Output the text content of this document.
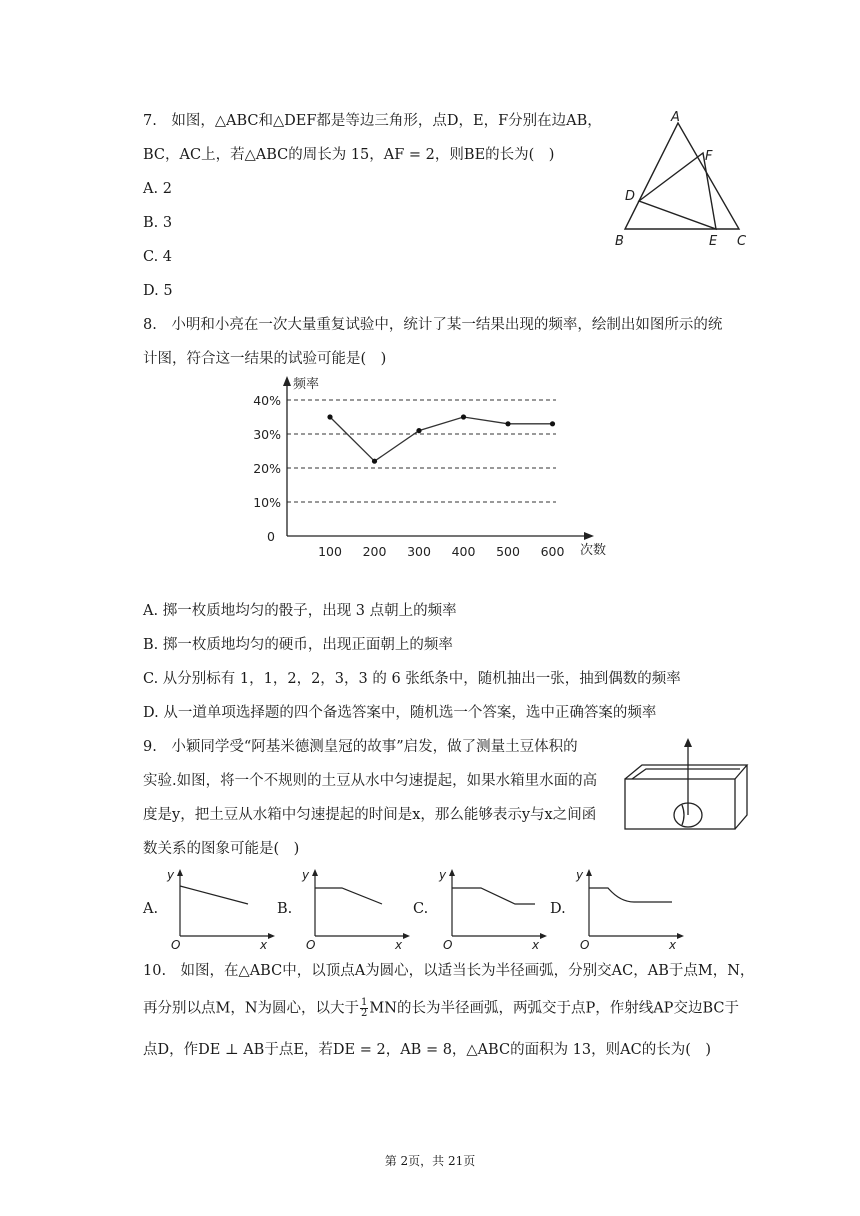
7.　如图，△ABC和△DEF都是等边三角形，点D，E，F分别在边AB，
BC，AC上，若△ABC的周长为 15，AF = 2，则BE的长为(　)
A. 2
B. 3
C. 4
D. 5
A
B	C
D
E
F
8.　小明和小亮在一次大量重复试验中，统计了某一结果出现的频率，绘制出如图所示的统
计图，符合这一结果的试验可能是(　)
频率
次数
0
10%
20%
30%
40%
100 200 300 400 500 600
A. 掷一枚质地均匀的骰子，出现 3 点朝上的频率
B. 掷一枚质地均匀的硬币，出现正面朝上的频率
C. 从分别标有 1，1，2，2，3，3 的 6 张纸条中，随机抽出一张，抽到偶数的频率
D. 从一道单项选择题的四个备选答案中，随机选一个答案，选中正确答案的频率
9.　小颖同学受“阿基米德测皇冠的故事”启发，做了测量土豆体积的
实验.如图，将一个不规则的土豆从水中匀速提起，如果水箱里水面的高
度是y，把土豆从水箱中匀速提起的时间是x，那么能够表示y与x之间函
数关系的图象可能是(　)
A.
y
O	x
B.
y
O	x
C.
y
O	x
D.
y
O	x
10.　如图，在△ABC中，以顶点A为圆心，以适当长为半径画弧，分别交AC，AB于点M，N，
再分别以点M，N为圆心，以大于 $\frac{1}{2}$ MN的长为半径画弧，两弧交于点P，作射线AP交边BC于
点D，作DE ⊥ AB于点E，若DE = 2，AB = 8，△ABC的面积为 13，则AC的长为(　)
第 2页，共 21页
